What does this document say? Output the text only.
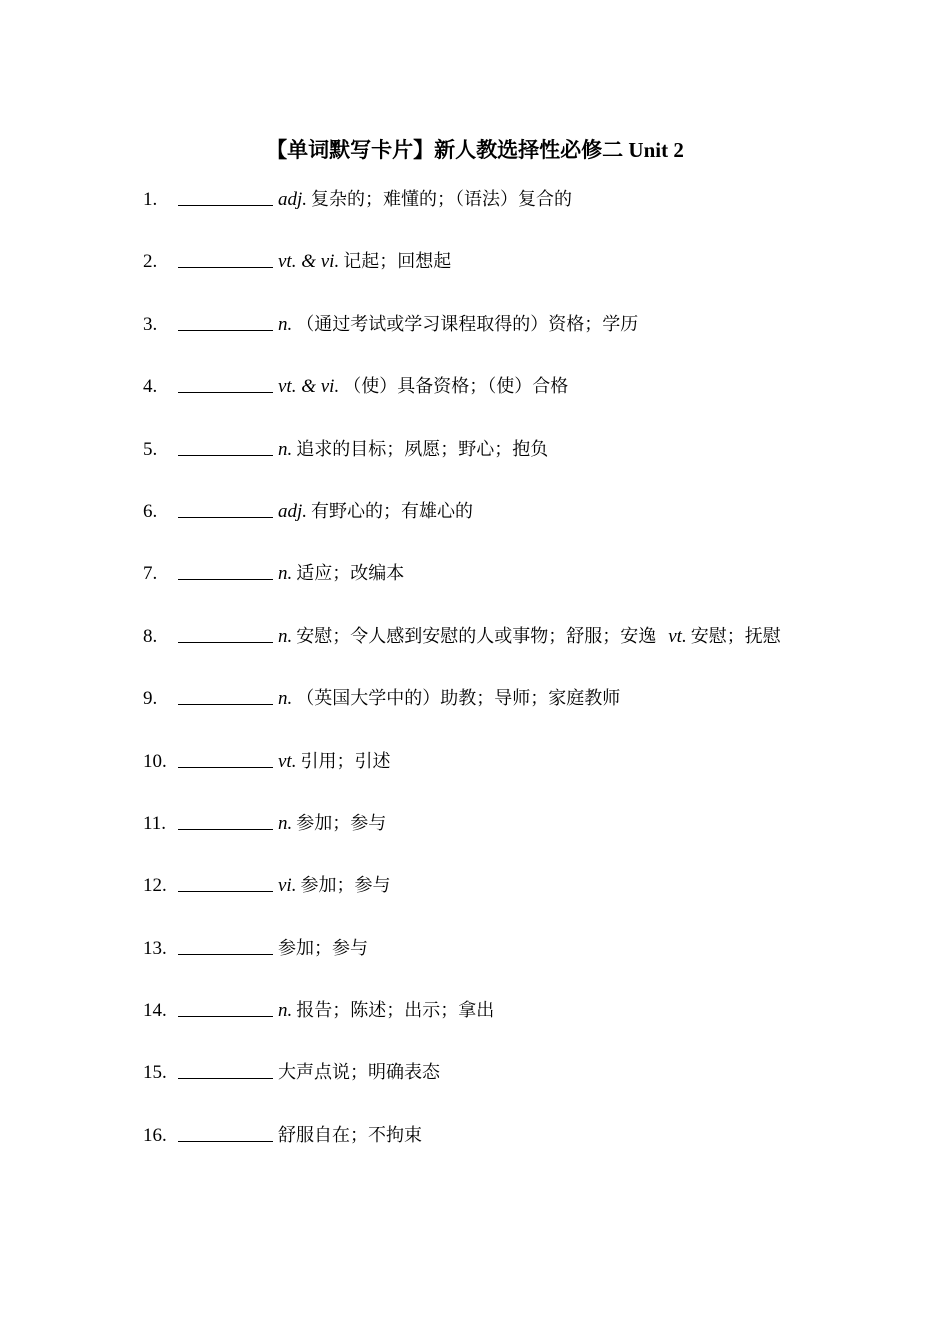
【单词默写卡片】新人教选择性必修二 Unit 2
1.	adj. 复杂的；难懂的；（语法）复合的
2.	vt. & vi. 记起；回想起
3.	n. （通过考试或学习课程取得的）资格；学历
4.	vt. & vi. （使）具备资格；（使）合格
5.	n. 追求的目标；夙愿；野心；抱负
6.	adj. 有野心的；有雄心的
7.	n. 适应；改编本
8.	n. 安慰；令人感到安慰的人或事物；舒服；安逸 vt. 安慰；抚慰
9.	n. （英国大学中的）助教；导师；家庭教师
10.	vt. 引用；引述
11.	n. 参加；参与
12.	vi. 参加；参与
13.	参加；参与
14.	n. 报告；陈述；出示；拿出
15.	大声点说；明确表态
16.	舒服自在；不拘束
